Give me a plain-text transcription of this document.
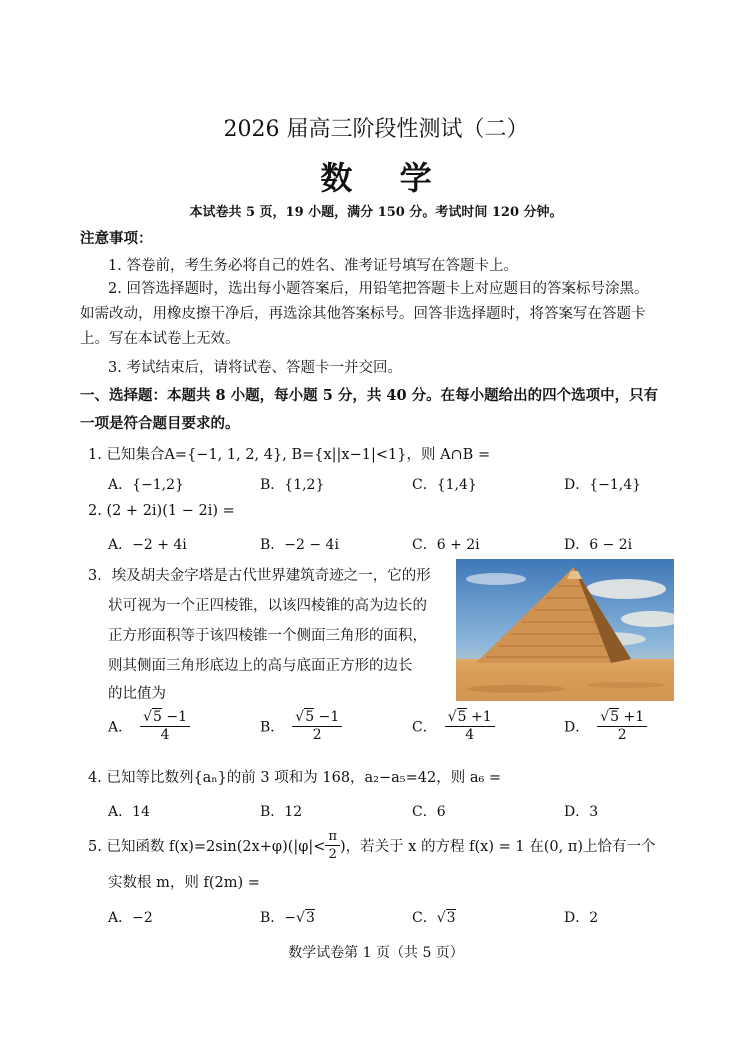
2026 届高三阶段性测试（二）
数 学
本试卷共 5 页，19 小题，满分 150 分。考试时间 120 分钟。
注意事项：
1. 答卷前，考生务必将自己的姓名、准考证号填写在答题卡上。
2. 回答选择题时，选出每小题答案后，用铅笔把答题卡上对应题目的答案标号涂黑。
如需改动，用橡皮擦干净后，再选涂其他答案标号。回答非选择题时，将答案写在答题卡
上。写在本试卷上无效。
3. 考试结束后，请将试卷、答题卡一并交回。
一、选择题：本题共 8 小题，每小题 5 分，共 40 分。在每小题给出的四个选项中，只有
一项是符合题目要求的。
1. 已知集合A={−1, 1, 2, 4}, B={x||x−1|<1}，则 A∩B =
A．{−1,2}	B．{1,2}	C．{1,4}	D．{−1,4}
2. (2 + 2i)(1 − 2i) =
A．−2 + 4i	B．−2 − 4i	C．6 + 2i	D．6 − 2i
3．埃及胡夫金字塔是古代世界建筑奇迹之一，它的形
状可视为一个正四棱锥，以该四棱锥的高为边长的
正方形面积等于该四棱锥一个侧面三角形的面积，
则其侧面三角形底边上的高与底面正方形的边长
的比值为
A． $\frac{√5 -1}{4}$	B． $\frac{√5 -1}{2}$	C． $\frac{√5 +1}{4}$	D． $\frac{√5 +1}{2}$
4. 已知等比数列{aₙ}的前 3 项和为 168，a₂−a₅=42，则 a₆ =
A．14	B．12	C．6	D．3
5. 已知函数 $f(x)=2\sin(2x+\varphi)(|\varphi|< \frac{\pi}{2}$ )，若关于 x 的方程 f(x) = 1 在(0, π)上恰有一个
实数根 m，则 f(2m) =
A．−2	B．−√3	C．√3	D．2
数学试卷第 1 页（共 5 页）
